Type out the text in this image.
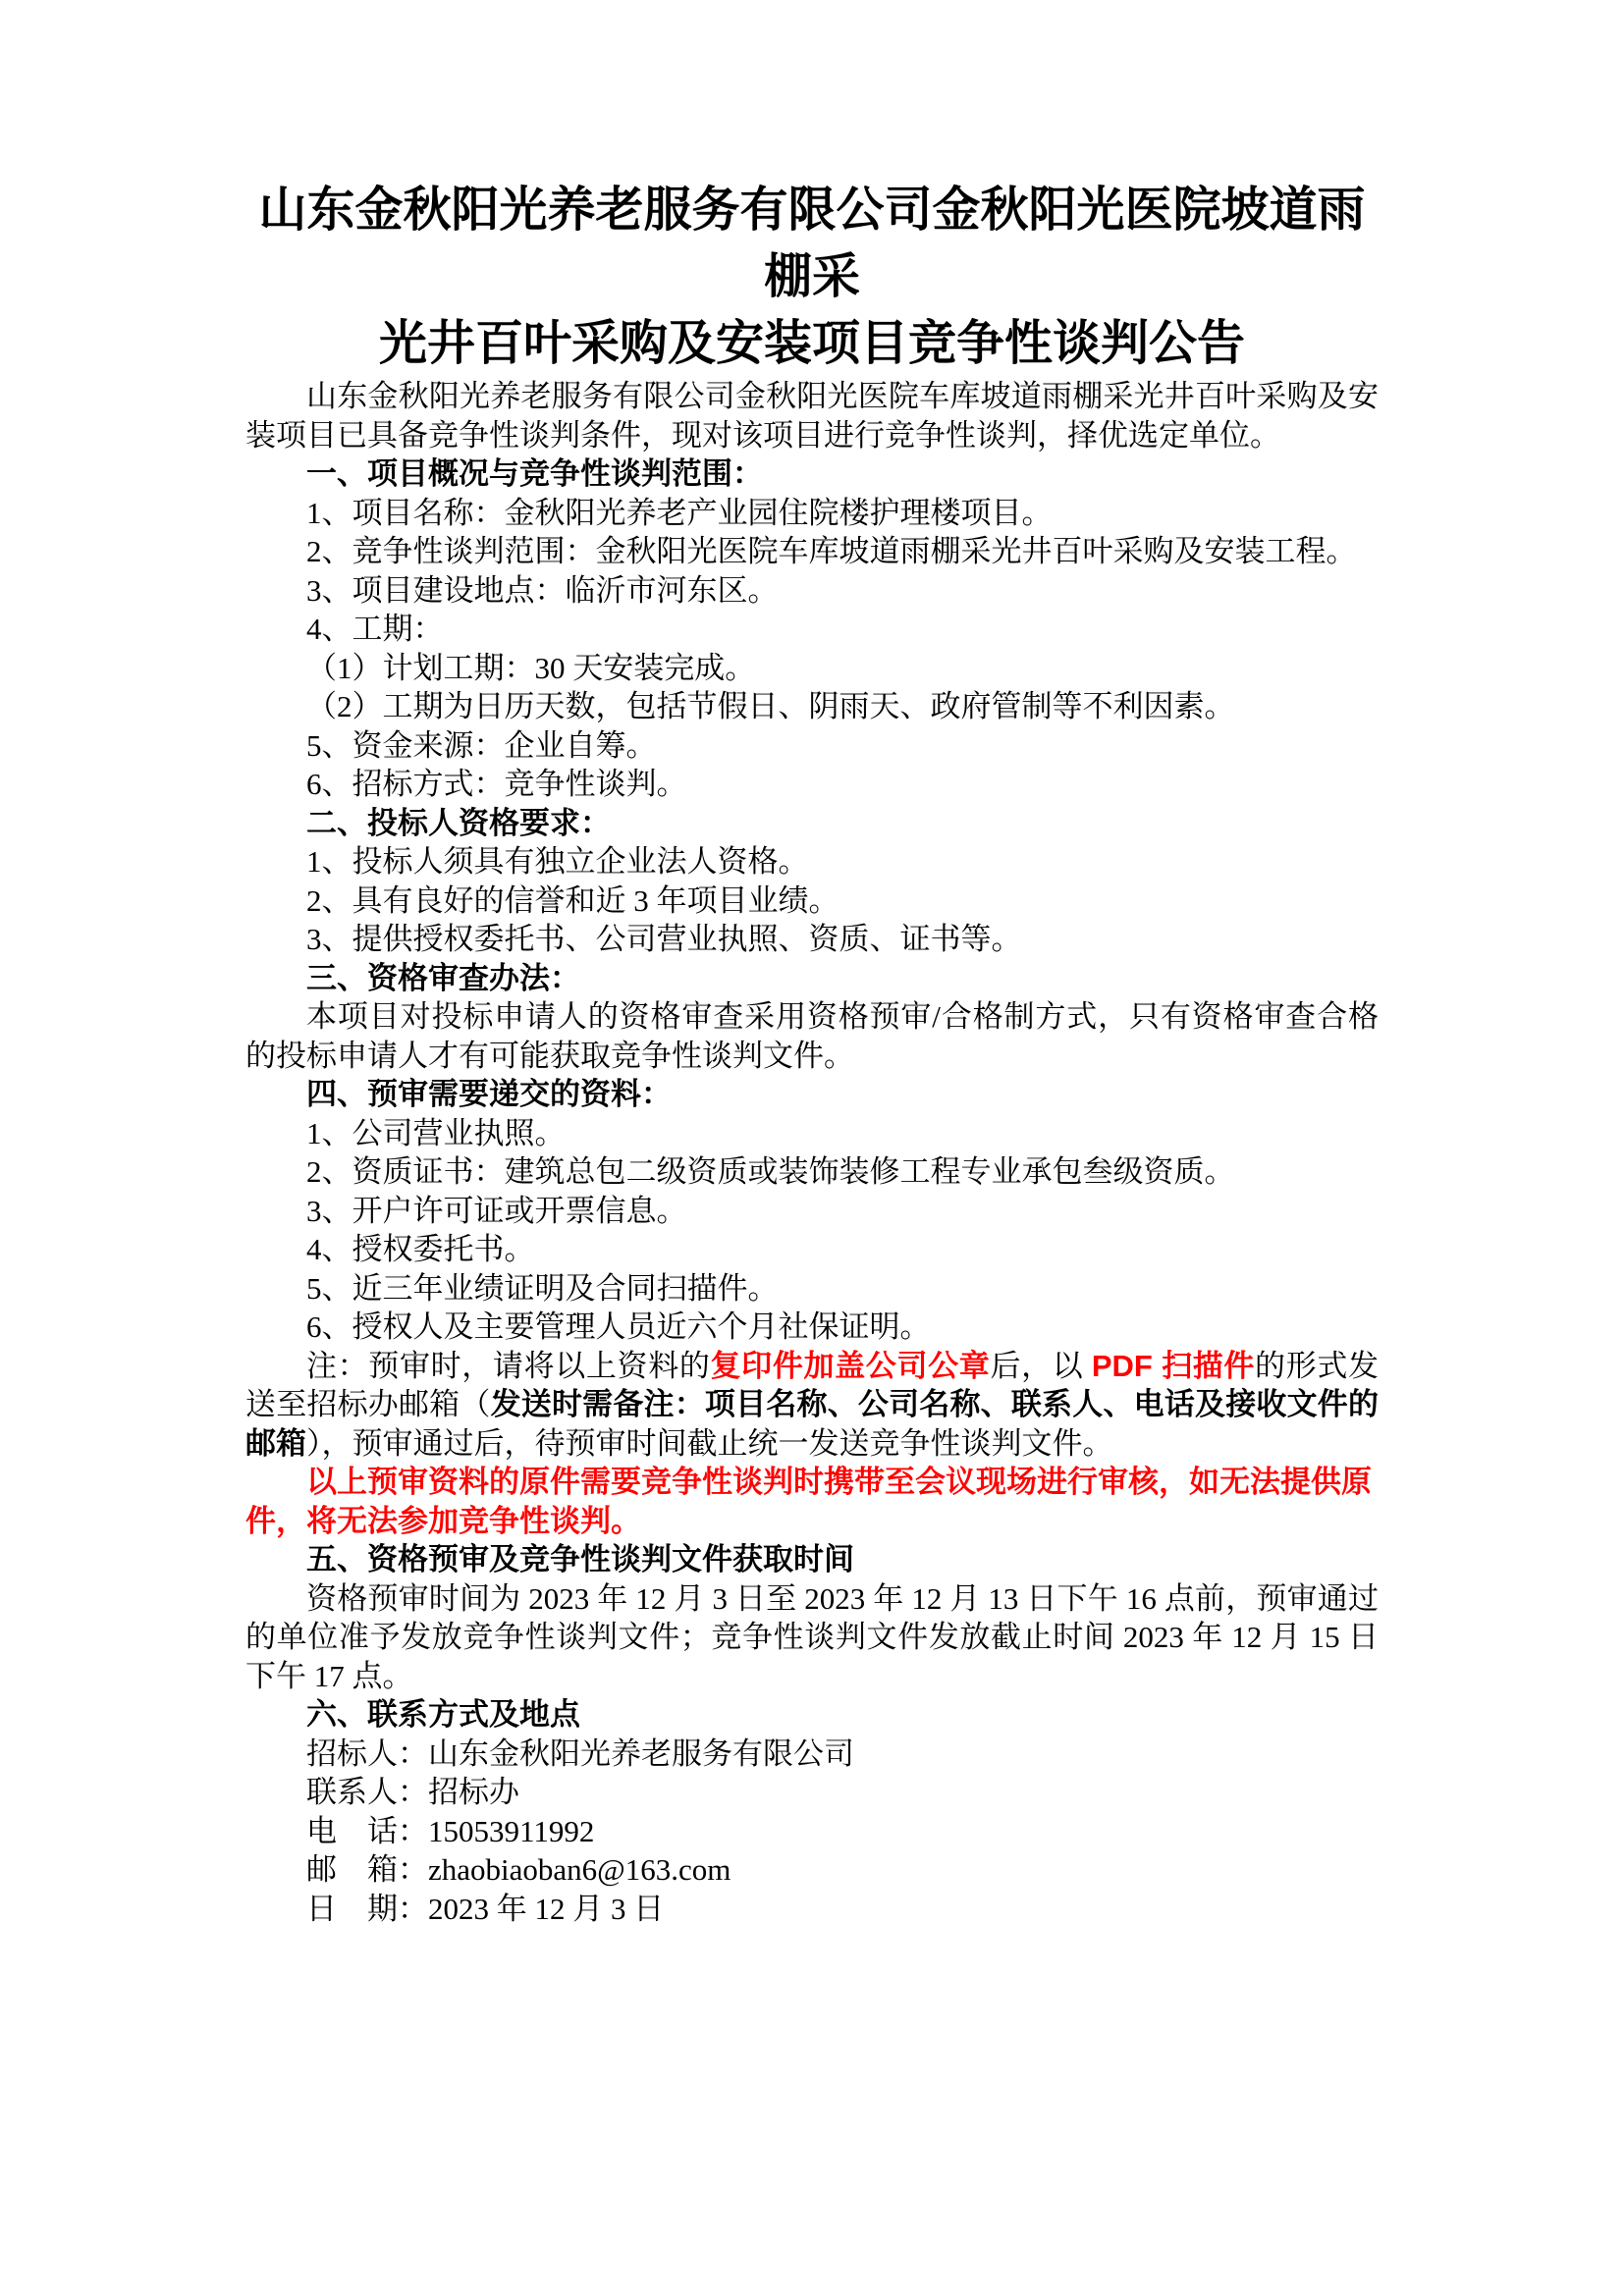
山东金秋阳光养老服务有限公司金秋阳光医院坡道雨棚采
光井百叶采购及安装项目竞争性谈判公告

山东金秋阳光养老服务有限公司金秋阳光医院车库坡道雨棚采光井百叶采购及安装项目已具备竞争性谈判条件，现对该项目进行竞争性谈判，择优选定单位。

一、项目概况与竞争性谈判范围：

1、项目名称：金秋阳光养老产业园住院楼护理楼项目。

2、竞争性谈判范围：金秋阳光医院车库坡道雨棚采光井百叶采购及安装工程。

3、项目建设地点：临沂市河东区。

4、工期：

（1）计划工期：30 天安装完成。

（2）工期为日历天数，包括节假日、阴雨天、政府管制等不利因素。

5、资金来源：企业自筹。

6、招标方式：竞争性谈判。

二、投标人资格要求：

1、投标人须具有独立企业法人资格。

2、具有良好的信誉和近 3 年项目业绩。

3、提供授权委托书、公司营业执照、资质、证书等。

三、资格审查办法：

本项目对投标申请人的资格审查采用资格预审/合格制方式，只有资格审查合格的投标申请人才有可能获取竞争性谈判文件。

四、预审需要递交的资料：

1、公司营业执照。

2、资质证书：建筑总包二级资质或装饰装修工程专业承包叁级资质。

3、开户许可证或开票信息。

4、授权委托书。

5、近三年业绩证明及合同扫描件。

6、授权人及主要管理人员近六个月社保证明。

注：预审时，请将以上资料的复印件加盖公司公章后，以 PDF 扫描件的形式发送至招标办邮箱（发送时需备注：项目名称、公司名称、联系人、电话及接收文件的邮箱），预审通过后，待预审时间截止统一发送竞争性谈判文件。

以上预审资料的原件需要竞争性谈判时携带至会议现场进行审核，如无法提供原件，将无法参加竞争性谈判。

五、资格预审及竞争性谈判文件获取时间

资格预审时间为 2023 年 12 月 3 日至 2023 年 12 月 13 日下午 16 点前，预审通过的单位准予发放竞争性谈判文件；竞争性谈判文件发放截止时间 2023 年 12 月 15 日下午 17 点。

六、联系方式及地点

招标人：山东金秋阳光养老服务有限公司

联系人：招标办

电　话：15053911992

邮　箱：zhaobiaoban6@163.com

日　期：2023 年 12 月 3 日
